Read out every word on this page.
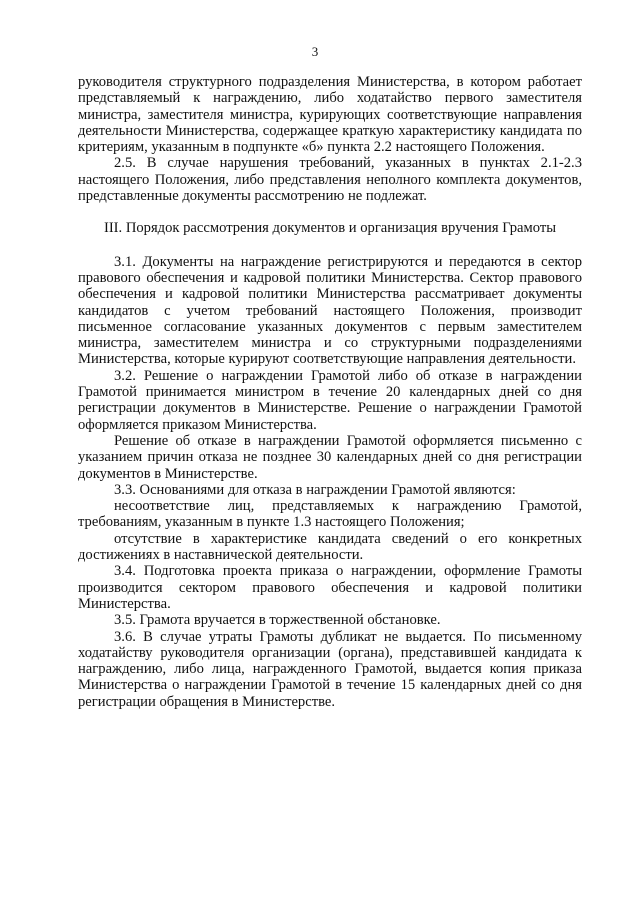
3

руководителя структурного подразделения Министерства, в котором работает представляемый к награждению, либо ходатайство первого заместителя министра, заместителя министра, курирующих соответствующие направления деятельности Министерства, содержащее краткую характеристику кандидата по критериям, указанным в подпункте «б» пункта 2.2 настоящего Положения.

2.5. В случае нарушения требований, указанных в пунктах 2.1-2.3 настоящего Положения, либо представления неполного комплекта документов, представленные документы рассмотрению не подлежат.

III. Порядок рассмотрения документов и организация вручения Грамоты

3.1. Документы на награждение регистрируются и передаются в сектор правового обеспечения и кадровой политики Министерства. Сектор правового обеспечения и кадровой политики Министерства рассматривает документы кандидатов с учетом требований настоящего Положения, производит письменное согласование указанных документов с первым заместителем министра, заместителем министра и со структурными подразделениями Министерства, которые курируют соответствующие направления деятельности.

3.2. Решение о награждении Грамотой либо об отказе в награждении Грамотой принимается министром в течение 20 календарных дней со дня регистрации документов в Министерстве. Решение о награждении Грамотой оформляется приказом Министерства.

Решение об отказе в награждении Грамотой оформляется письменно с указанием причин отказа не позднее 30 календарных дней со дня регистрации документов в Министерстве.

3.3. Основаниями для отказа в награждении Грамотой являются:

несоответствие лиц, представляемых к награждению Грамотой, требованиям, указанным в пункте 1.3 настоящего Положения;

отсутствие в характеристике кандидата сведений о его конкретных достижениях в наставнической деятельности.

3.4. Подготовка проекта приказа о награждении, оформление Грамоты производится сектором правового обеспечения и кадровой политики Министерства.

3.5. Грамота вручается в торжественной обстановке.

3.6. В случае утраты Грамоты дубликат не выдается. По письменному ходатайству руководителя организации (органа), представившей кандидата к награждению, либо лица, награжденного Грамотой, выдается копия приказа Министерства о награждении Грамотой в течение 15 календарных дней со дня регистрации обращения в Министерстве.
